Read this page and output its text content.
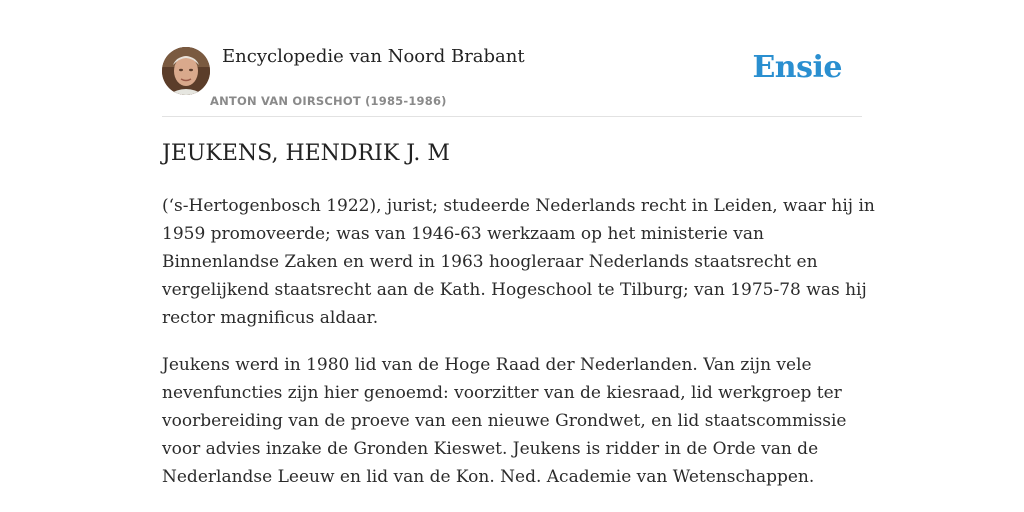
Encyclopedie van Noord Brabant
ANTON VAN OIRSCHOT (1985-1986)
Ensie
JEUKENS, HENDRIK J. M

(‘s-Hertogenbosch 1922), jurist; studeerde Nederlands recht in Leiden, waar hij in
1959 promoveerde; was van 1946-63 werkzaam op het ministerie van
Binnenlandse Zaken en werd in 1963 hoogleraar Nederlands staatsrecht en
vergelijkend staatsrecht aan de Kath. Hogeschool te Tilburg; van 1975-78 was hij
rector magnificus aldaar.

Jeukens werd in 1980 lid van de Hoge Raad der Nederlanden. Van zijn vele
nevenfuncties zijn hier genoemd: voorzitter van de kiesraad, lid werkgroep ter
voorbereiding van de proeve van een nieuwe Grondwet, en lid staatscommissie
voor advies inzake de Gronden Kieswet. Jeukens is ridder in de Orde van de
Nederlandse Leeuw en lid van de Kon. Ned. Academie van Wetenschappen.
